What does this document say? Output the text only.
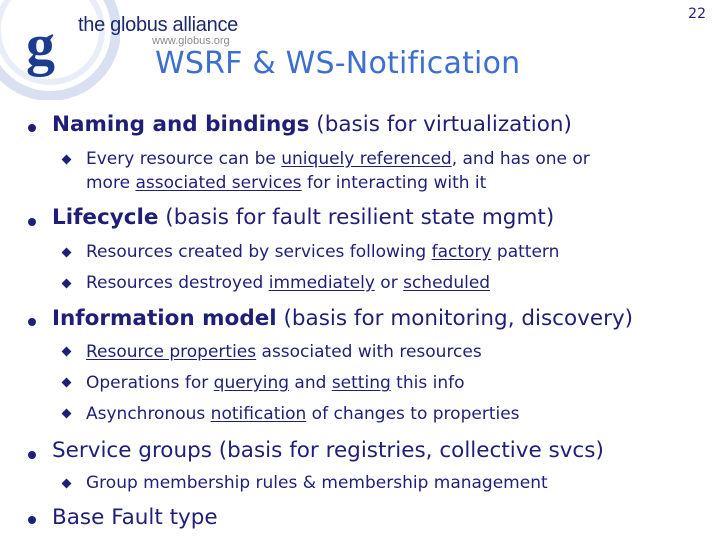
g the globus alliance
www.globus.org
22
WSRF & WS-Notification
Naming and bindings (basis for virtualization)
Every resource can be uniquely referenced, and has one or
more associated services for interacting with it
Lifecycle (basis for fault resilient state mgmt)
Resources created by services following factory pattern
Resources destroyed immediately or scheduled
Information model (basis for monitoring, discovery)
Resource properties associated with resources
Operations for querying and setting this info
Asynchronous notification of changes to properties
Service groups (basis for registries, collective svcs)
Group membership rules & membership management
Base Fault type
